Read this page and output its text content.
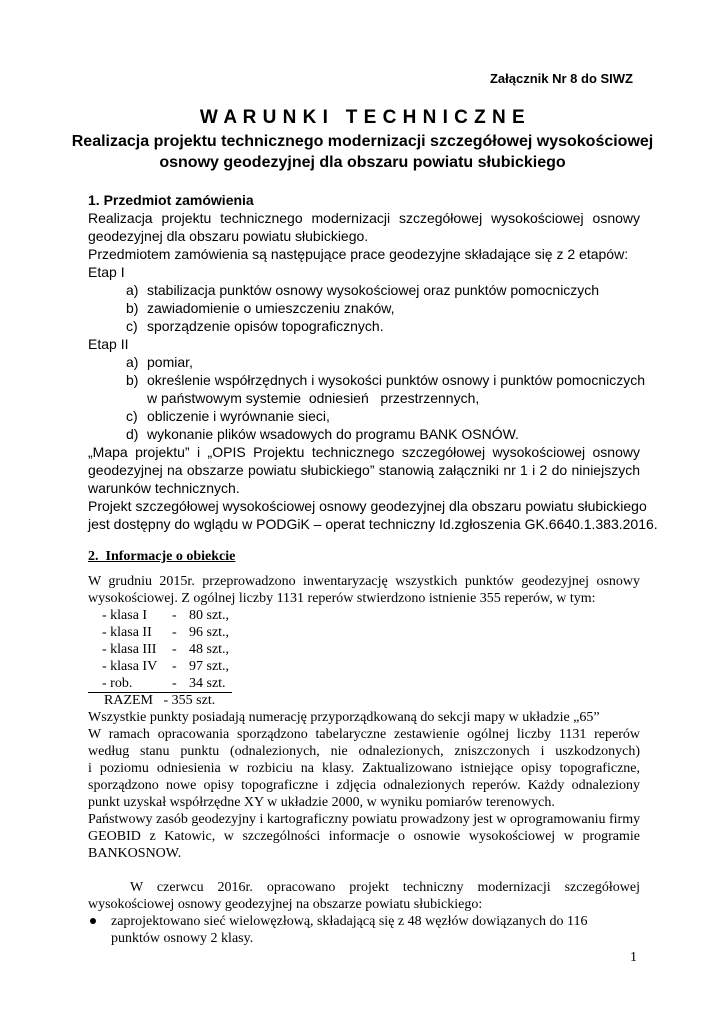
Załącznik Nr 8 do SIWZ
W A R U N K I   T E C H N I C Z N E
Realizacja projektu technicznego modernizacji szczegółowej wysokościowej
osnowy geodezyjnej dla obszaru powiatu słubickiego
1. Przedmiot zamówienia
Realizacja projektu technicznego modernizacji szczegółowej wysokościowej osnowy
geodezyjnej dla obszaru powiatu słubickiego.
Przedmiotem zamówienia są następujące prace geodezyjne składające się z 2 etapów:
Etap I
a) stabilizacja punktów osnowy wysokościowej oraz punktów pomocniczych
b) zawiadomienie o umieszczeniu znaków,
c) sporządzenie opisów topograficznych.
Etap II
a) pomiar,
b) określenie współrzędnych i wysokości punktów osnowy i punktów pomocniczych
w państwowym systemie  odniesień   przestrzennych,
c) obliczenie i wyrównanie sieci,
d) wykonanie plików wsadowych do programu BANK OSNÓW.
„Mapa projektu” i „OPIS Projektu technicznego szczegółowej wysokościowej osnowy
geodezyjnej na obszarze powiatu słubickiego” stanowią załączniki nr 1 i 2 do niniejszych
warunków technicznych.
Projekt szczegółowej wysokościowej osnowy geodezyjnej dla obszaru powiatu słubickiego
jest dostępny do wglądu w PODGiK – operat techniczny Id.zgłoszenia GK.6640.1.383.2016.
2.  Informacje o obiekcie
W grudniu 2015r. przeprowadzono inwentaryzację wszystkich punktów geodezyjnej osnowy
wysokościowej. Z ogólnej liczby 1131 reperów stwierdzono istnienie 355 reperów, w tym:
- klasa I - 80 szt.,
- klasa II - 96 szt.,
- klasa III - 48 szt.,
- klasa IV - 97 szt.,
- rob.	- 34 szt.
RAZEM   - 355 szt.
Wszystkie punkty posiadają numerację przyporządkowaną do sekcji mapy w układzie „65”
W ramach opracowania sporządzono tabelaryczne zestawienie ogólnej liczby 1131 reperów
według stanu punktu (odnalezionych, nie odnalezionych, zniszczonych i uszkodzonych)
i poziomu odniesienia w rozbiciu na klasy. Zaktualizowano istniejące opisy topograficzne,
sporządzono nowe opisy topograficzne i zdjęcia odnalezionych reperów. Każdy odnaleziony
punkt uzyskał współrzędne XY w układzie 2000, w wyniku pomiarów terenowych.
Państwowy zasób geodezyjny i kartograficzny powiatu prowadzony jest w oprogramowaniu firmy
GEOBID z Katowic, w szczególności informacje o osnowie wysokościowej w programie
BANKOSNOW.
W czerwcu 2016r. opracowano projekt techniczny modernizacji szczegółowej
wysokościowej osnowy geodezyjnej na obszarze powiatu słubickiego:
zaprojektowano sieć wielowęzłową, składającą się z 48 węzłów dowiązanych do 116
punktów osnowy 2 klasy.
1
